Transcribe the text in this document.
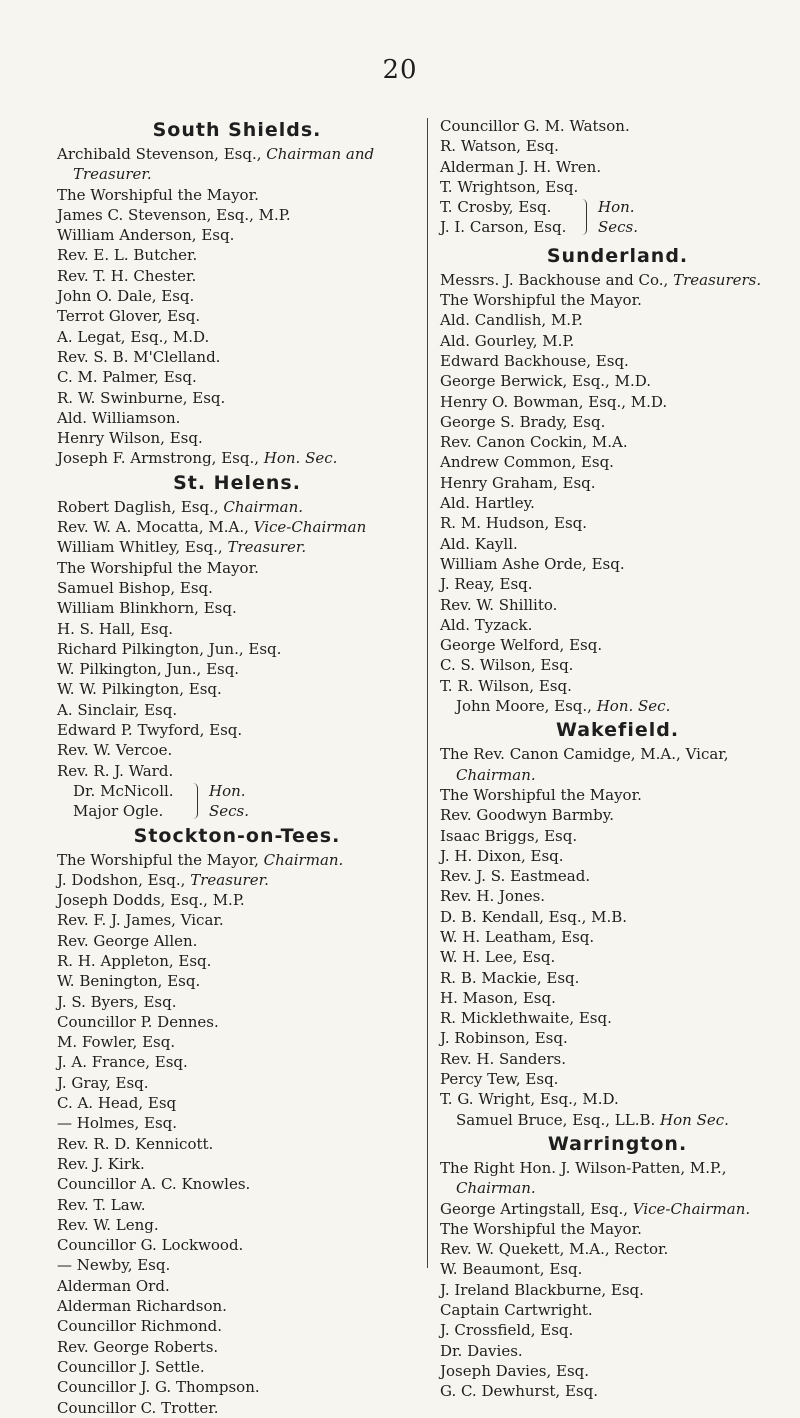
20
South Shields.
Archibald Stevenson, Esq., Chairman and
Treasurer.
The Worshipful the Mayor.
James C. Stevenson, Esq., M.P.
William Anderson, Esq.
Rev. E. L. Butcher.
Rev. T. H. Chester.
John O. Dale, Esq.
Terrot Glover, Esq.
A. Legat, Esq., M.D.
Rev. S. B. M'Clelland.
C. M. Palmer, Esq.
R. W. Swinburne, Esq.
Ald. Williamson.
Henry Wilson, Esq.
Joseph F. Armstrong, Esq., Hon. Sec.
St. Helens.
Robert Daglish, Esq., Chairman.
Rev. W. A. Mocatta, M.A., Vice-Chairman
William Whitley, Esq., Treasurer.
The Worshipful the Mayor.
Samuel Bishop, Esq.
William Blinkhorn, Esq.
H. S. Hall, Esq.
Richard Pilkington, Jun., Esq.
W. Pilkington, Jun., Esq.
W. W. Pilkington, Esq.
A. Sinclair, Esq.
Edward P. Twyford, Esq.
Rev. W. Vercoe.
Rev. R. J. Ward.
Dr. McNicoll.
Major Ogle.
Hon.
Secs.
Stockton-on-Tees.
The Worshipful the Mayor, Chairman.
J. Dodshon, Esq., Treasurer.
Joseph Dodds, Esq., M.P.
Rev. F. J. James, Vicar.
Rev. George Allen.
R. H. Appleton, Esq.
W. Benington, Esq.
J. S. Byers, Esq.
Councillor P. Dennes.
M. Fowler, Esq.
J. A. France, Esq.
J. Gray, Esq.
C. A. Head, Esq
— Holmes, Esq.
Rev. R. D. Kennicott.
Rev. J. Kirk.
Councillor A. C. Knowles.
Rev. T. Law.
Rev. W. Leng.
Councillor G. Lockwood.
— Newby, Esq.
Alderman Ord.
Alderman Richardson.
Councillor Richmond.
Rev. George Roberts.
Councillor J. Settle.
Councillor J. G. Thompson.
Councillor C. Trotter.
Councillor G. M. Watson.
R. Watson, Esq.
Alderman J. H. Wren.
T. Wrightson, Esq.
T. Crosby, Esq.
J. I. Carson, Esq.
Hon.
Secs.
Sunderland.
Messrs. J. Backhouse and Co., Treasurers.
The Worshipful the Mayor.
Ald. Candlish, M.P.
Ald. Gourley, M.P.
Edward Backhouse, Esq.
George Berwick, Esq., M.D.
Henry O. Bowman, Esq., M.D.
George S. Brady, Esq.
Rev. Canon Cockin, M.A.
Andrew Common, Esq.
Henry Graham, Esq.
Ald. Hartley.
R. M. Hudson, Esq.
Ald. Kayll.
William Ashe Orde, Esq.
J. Reay, Esq.
Rev. W. Shillito.
Ald. Tyzack.
George Welford, Esq.
C. S. Wilson, Esq.
T. R. Wilson, Esq.
John Moore, Esq., Hon. Sec.
Wakefield.
The Rev. Canon Camidge, M.A., Vicar,
Chairman.
The Worshipful the Mayor.
Rev. Goodwyn Barmby.
Isaac Briggs, Esq.
J. H. Dixon, Esq.
Rev. J. S. Eastmead.
Rev. H. Jones.
D. B. Kendall, Esq., M.B.
W. H. Leatham, Esq.
W. H. Lee, Esq.
R. B. Mackie, Esq.
H. Mason, Esq.
R. Micklethwaite, Esq.
J. Robinson, Esq.
Rev. H. Sanders.
Percy Tew, Esq.
T. G. Wright, Esq., M.D.
Samuel Bruce, Esq., LL.B. Hon Sec.
Warrington.
The Right Hon. J. Wilson-Patten, M.P.,
Chairman.
George Artingstall, Esq., Vice-Chairman.
The Worshipful the Mayor.
Rev. W. Quekett, M.A., Rector.
W. Beaumont, Esq.
J. Ireland Blackburne, Esq.
Captain Cartwright.
J. Crossfield, Esq.
Dr. Davies.
Joseph Davies, Esq.
G. C. Dewhurst, Esq.
